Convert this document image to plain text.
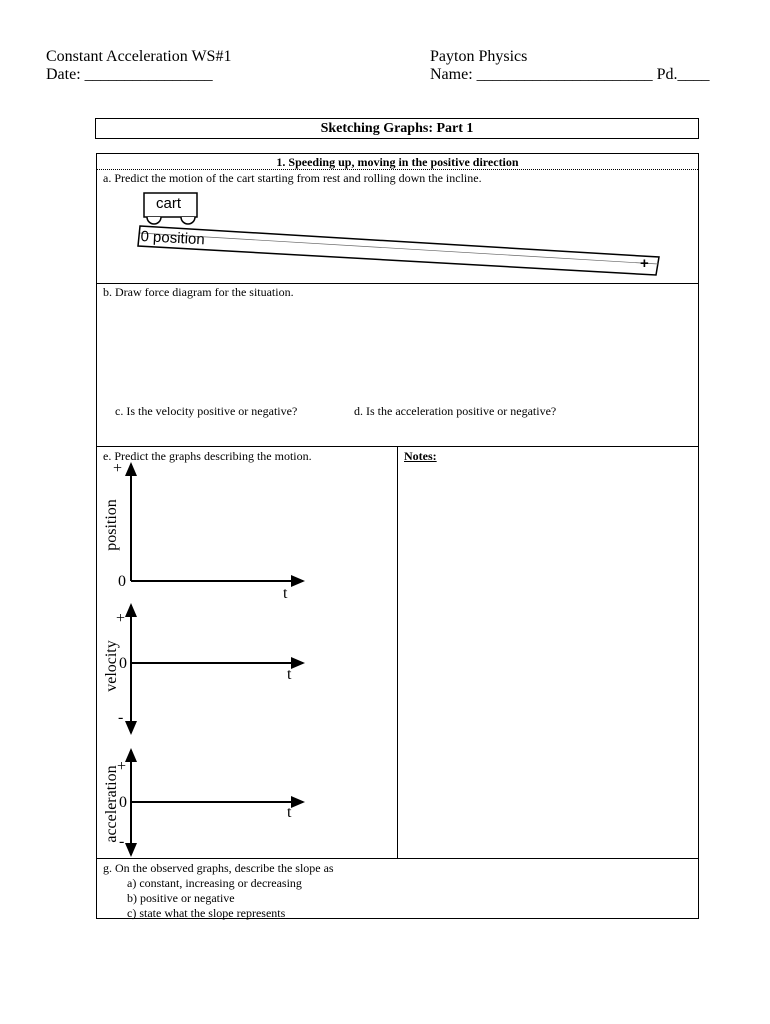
Constant Acceleration WS#1
Date: ________________
Payton Physics
Name: ______________________ Pd.____
Sketching Graphs: Part 1
1. Speeding up, moving in the positive direction
a. Predict the motion of the cart starting from rest and rolling down the incline.
cart
0 position
+
b. Draw force diagram for the situation.
c. Is the velocity positive or negative?	d. Is the acceleration positive or negative?
e. Predict the graphs describing the motion.	Notes:
+
0
t
position
+
0
-
t
velocity
+
0
-
t
acceleration
g. On the observed graphs, describe the slope as
a) constant, increasing or decreasing
b) positive or negative
c) state what the slope represents
